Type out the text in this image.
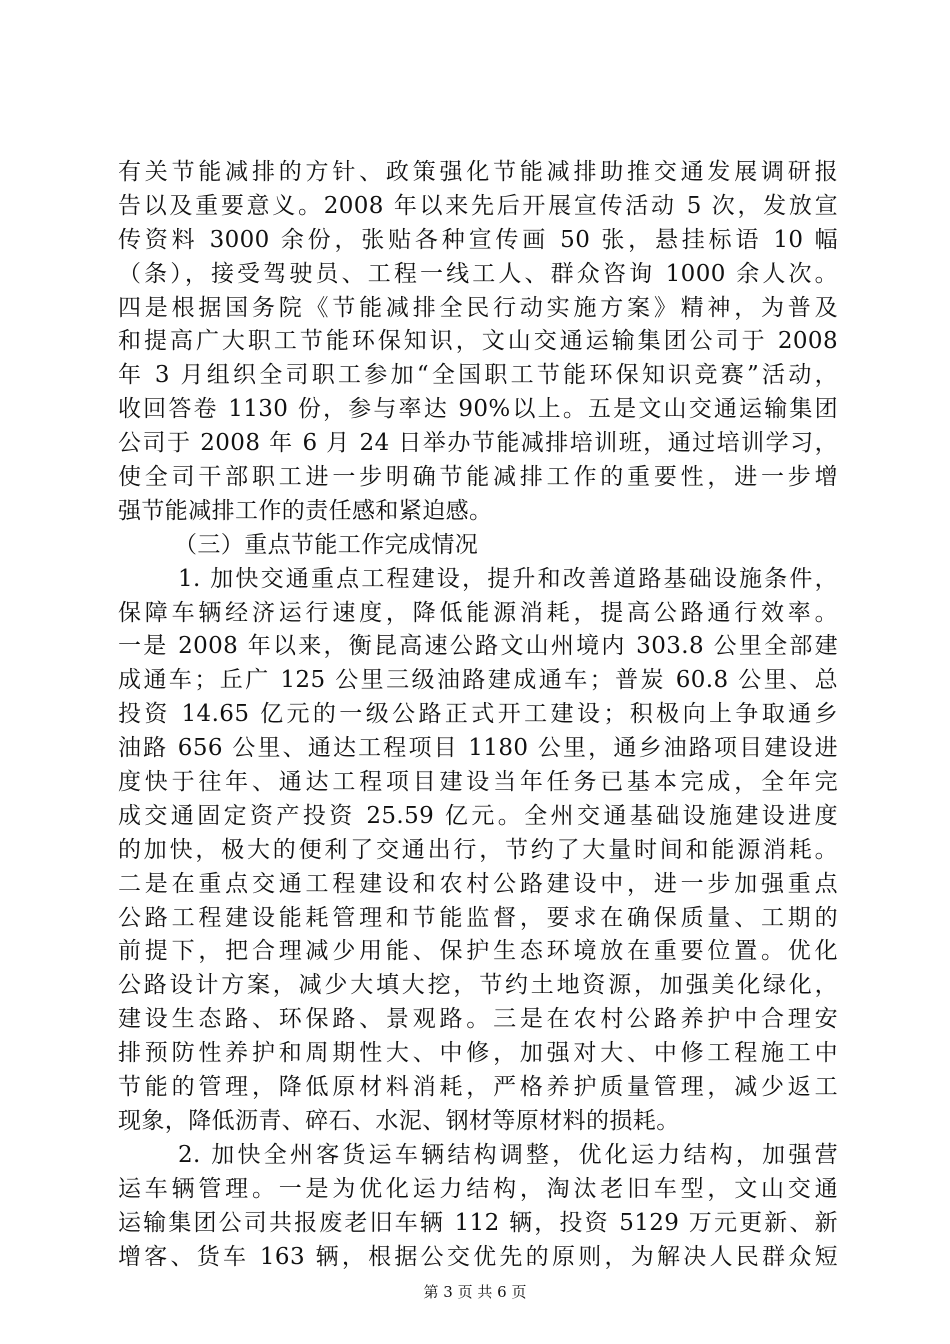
有关节能减排的方针、政策强化节能减排助推交通发展调研报
告以及重要意义。2008 年以来先后开展宣传活动 5 次，发放宣
传资料 3000 余份，张贴各种宣传画 50 张，悬挂标语 10 幅
（条），接受驾驶员、工程一线工人、群众咨询 1000 余人次。
四是根据国务院《节能减排全民行动实施方案》精神，为普及
和提高广大职工节能环保知识，文山交通运输集团公司于 2008
年 3 月组织全司职工参加“全国职工节能环保知识竞赛”活动，
收回答卷 1130 份，参与率达 90%以上。五是文山交通运输集团
公司于 2008 年 6 月 24 日举办节能减排培训班，通过培训学习，
使全司干部职工进一步明确节能减排工作的重要性，进一步增
强节能减排工作的责任感和紧迫感。
（三）重点节能工作完成情况
1. 加快交通重点工程建设，提升和改善道路基础设施条件，
保障车辆经济运行速度，降低能源消耗，提高公路通行效率。
一是 2008 年以来，衡昆高速公路文山州境内 303.8 公里全部建
成通车；丘广 125 公里三级油路建成通车；普炭 60.8 公里、总
投资 14.65 亿元的一级公路正式开工建设；积极向上争取通乡
油路 656 公里、通达工程项目 1180 公里，通乡油路项目建设进
度快于往年、通达工程项目建设当年任务已基本完成，全年完
成交通固定资产投资 25.59 亿元。全州交通基础设施建设进度
的加快，极大的便利了交通出行，节约了大量时间和能源消耗。
二是在重点交通工程建设和农村公路建设中，进一步加强重点
公路工程建设能耗管理和节能监督，要求在确保质量、工期的
前提下，把合理减少用能、保护生态环境放在重要位置。优化
公路设计方案，减少大填大挖，节约土地资源，加强美化绿化，
建设生态路、环保路、景观路。三是在农村公路养护中合理安
排预防性养护和周期性大、中修，加强对大、中修工程施工中
节能的管理，降低原材料消耗，严格养护质量管理，减少返工
现象，降低沥青、碎石、水泥、钢材等原材料的损耗。
2. 加快全州客货运车辆结构调整，优化运力结构，加强营
运车辆管理。一是为优化运力结构，淘汰老旧车型，文山交通
运输集团公司共报废老旧车辆 112 辆，投资 5129 万元更新、新
增客、货车 163 辆，根据公交优先的原则，为解决人民群众短
第 3 页 共 6 页
